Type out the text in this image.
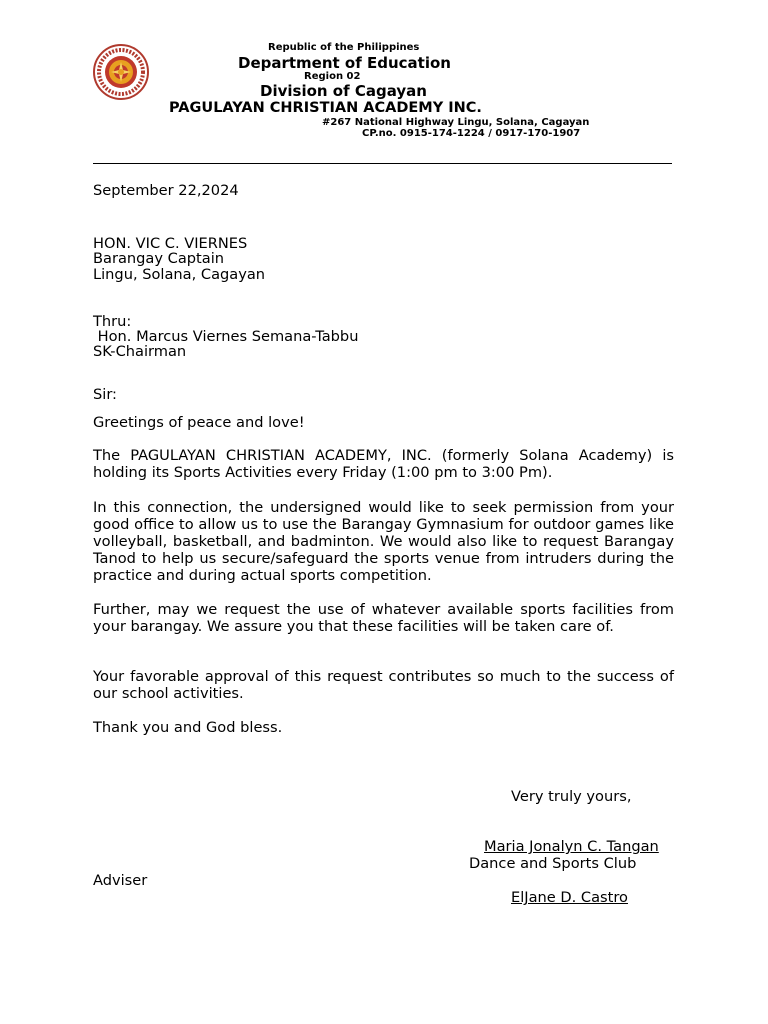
Republic of the Philippines
Department of Education
Region 02
Division of Cagayan
PAGULAYAN CHRISTIAN ACADEMY INC.
#267 National Highway Lingu, Solana, Cagayan
CP.no. 0915-174-1224 / 0917-170-1907
September 22,2024
HON. VIC C. VIERNES
Barangay Captain
Lingu, Solana, Cagayan
Thru:
Hon. Marcus Viernes Semana-Tabbu
SK-Chairman
Sir:
Greetings of peace and love!
The PAGULAYAN CHRISTIAN ACADEMY, INC. (formerly Solana Academy) is holding its Sports Activities every Friday (1:00 pm to 3:00 Pm).
In this connection, the undersigned would like to seek permission from your good office to allow us to use the Barangay Gymnasium for outdoor games like volleyball, basketball, and badminton. We would also like to request Barangay Tanod to help us secure/safeguard the sports venue from intruders during the practice and during actual sports competition.
Further, may we request the use of whatever available sports facilities from your barangay. We assure you that these facilities will be taken care of.
Your favorable approval of this request contributes so much to the success of our school activities.
Thank you and God bless.
Very truly yours,
Maria Jonalyn C. Tangan
Dance and Sports Club
Adviser
ElJane D. Castro
